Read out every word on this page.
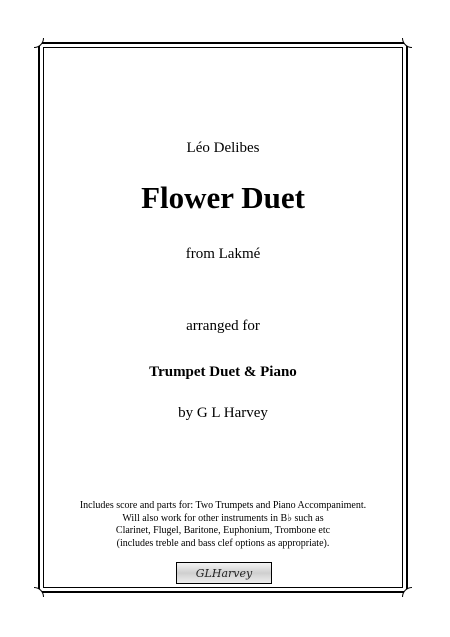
Léo Delibes
Flower Duet
from Lakmé
arranged for
Trumpet Duet & Piano
by G L Harvey
Includes score and parts for: Two Trumpets and Piano Accompaniment.
Will also work for other instruments in B♭ such as
Clarinet, Flugel, Baritone, Euphonium, Trombone etc
(includes treble and bass clef options as appropriate).
GLHarvey
